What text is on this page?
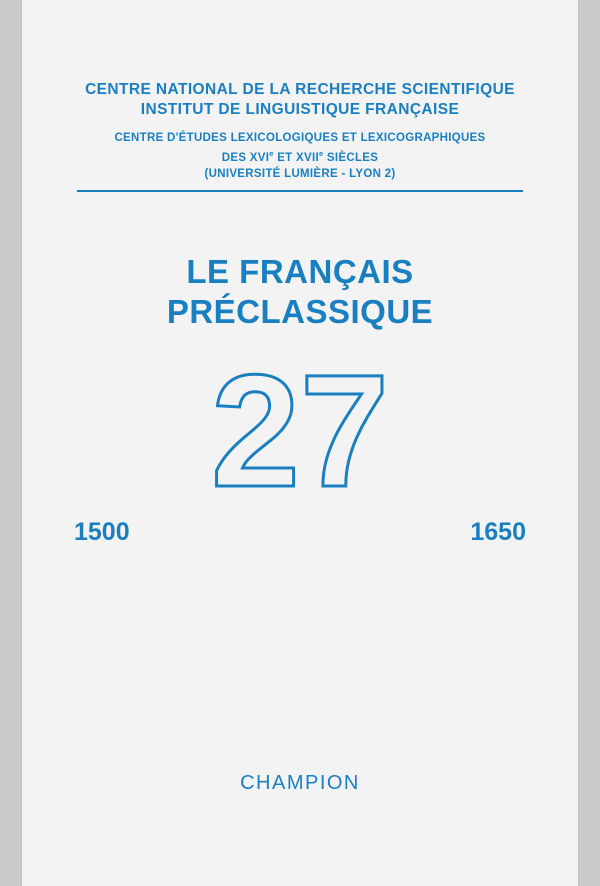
CENTRE NATIONAL DE LA RECHERCHE SCIENTIFIQUE
INSTITUT DE LINGUISTIQUE FRANÇAISE
CENTRE D'ÉTUDES LEXICOLOGIQUES ET LEXICOGRAPHIQUES
DES XVIe ET XVIIe SIÈCLES
(UNIVERSITÉ LUMIÈRE - LYON 2)
LE FRANÇAIS
PRÉCLASSIQUE
27
1500	1650
CHAMPION
